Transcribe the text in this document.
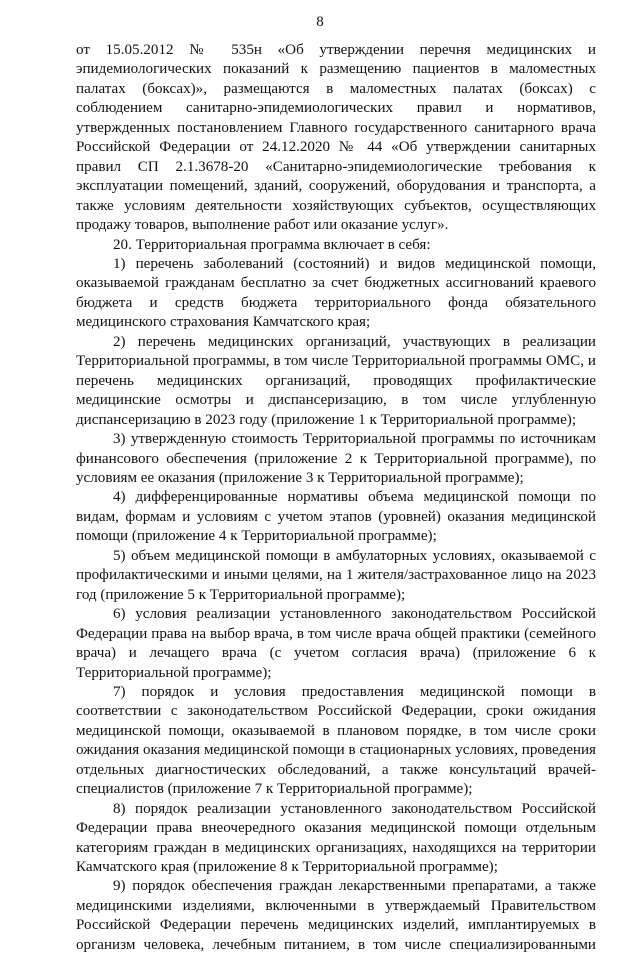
8

от 15.05.2012 № 535н «Об утверждении перечня медицинских и эпидемиологических показаний к размещению пациентов в маломестных палатах (боксах)», размещаются в маломестных палатах (боксах) с соблюдением санитарно-эпидемиологических правил и нормативов, утвержденных постановлением Главного государственного санитарного врача Российской Федерации от 24.12.2020 № 44 «Об утверждении санитарных правил СП 2.1.3678-20 «Санитарно-эпидемиологические требования к эксплуатации помещений, зданий, сооружений, оборудования и транспорта, а также условиям деятельности хозяйствующих субъектов, осуществляющих продажу товаров, выполнение работ или оказание услуг».

20. Территориальная программа включает в себя:

1) перечень заболеваний (состояний) и видов медицинской помощи, оказываемой гражданам бесплатно за счет бюджетных ассигнований краевого бюджета и средств бюджета территориального фонда обязательного медицинского страхования Камчатского края;

2) перечень медицинских организаций, участвующих в реализации Территориальной программы, в том числе Территориальной программы ОМС, и перечень медицинских организаций, проводящих профилактические медицинские осмотры и диспансеризацию, в том числе углубленную диспансеризацию в 2023 году (приложение 1 к Территориальной программе);

3) утвержденную стоимость Территориальной программы по источникам финансового обеспечения (приложение 2 к Территориальной программе), по условиям ее оказания (приложение 3 к Территориальной программе);

4) дифференцированные нормативы объема медицинской помощи по видам, формам и условиям с учетом этапов (уровней) оказания медицинской помощи (приложение 4 к Территориальной программе);

5) объем медицинской помощи в амбулаторных условиях, оказываемой с профилактическими и иными целями, на 1 жителя/застрахованное лицо на 2023 год (приложение 5 к Территориальной программе);

6) условия реализации установленного законодательством Российской Федерации права на выбор врача, в том числе врача общей практики (семейного врача) и лечащего врача (с учетом согласия врача) (приложение 6 к Территориальной программе);

7) порядок и условия предоставления медицинской помощи в соответствии с законодательством Российской Федерации, сроки ожидания медицинской помощи, оказываемой в плановом порядке, в том числе сроки ожидания оказания медицинской помощи в стационарных условиях, проведения отдельных диагностических обследований, а также консультаций врачей-специалистов (приложение 7 к Территориальной программе);

8) порядок реализации установленного законодательством Российской Федерации права внеочередного оказания медицинской помощи отдельным категориям граждан в медицинских организациях, находящихся на территории Камчатского края (приложение 8 к Территориальной программе);

9) порядок обеспечения граждан лекарственными препаратами, а также медицинскими изделиями, включенными в утверждаемый Правительством Российской Федерации перечень медицинских изделий, имплантируемых в организм человека, лечебным питанием, в том числе специализированными
